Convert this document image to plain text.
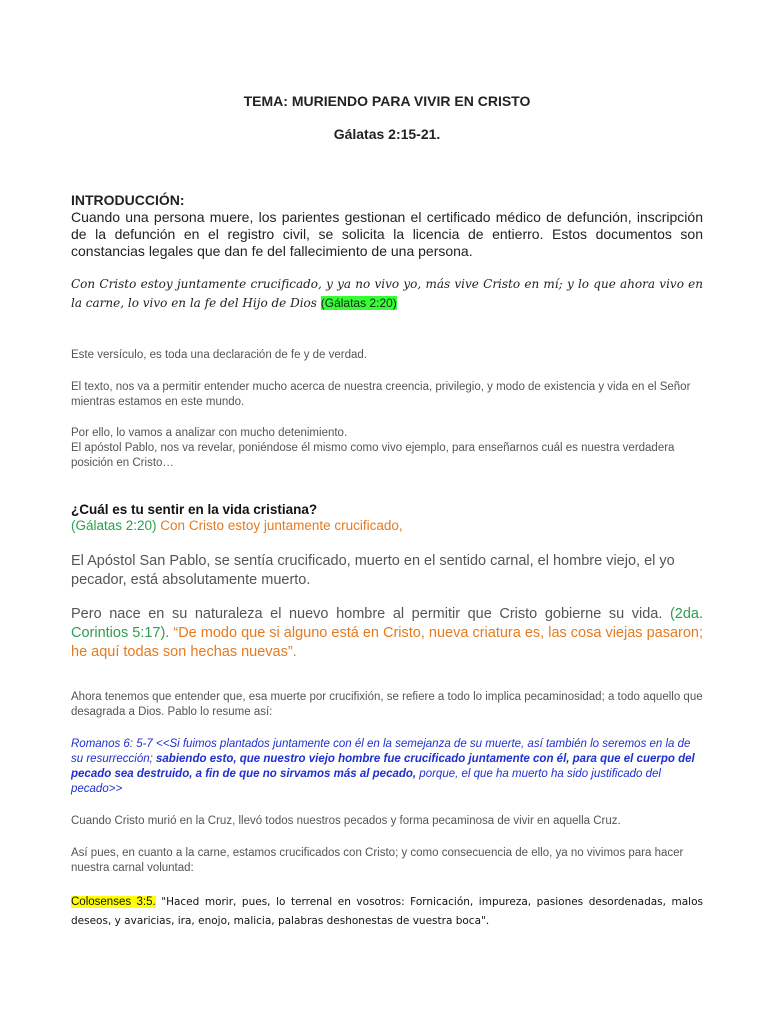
TEMA: MURIENDO PARA VIVIR EN CRISTO
Gálatas 2:15-21.
INTRODUCCIÓN:
Cuando una persona muere, los parientes gestionan el certificado médico de defunción, inscripción de la defunción en el registro civil, se solicita la licencia de entierro. Estos documentos son constancias legales que dan fe del fallecimiento de una persona.
Con Cristo estoy juntamente crucificado, y ya no vivo yo, más vive Cristo en mí; y lo que ahora vivo en la carne, lo vivo en la fe del Hijo de Dios (Gálatas 2:20)
Este versículo, es toda una declaración de fe y de verdad.
El texto, nos va a permitir entender mucho acerca de nuestra creencia, privilegio, y modo de existencia y vida en el Señor mientras estamos en este mundo.
Por ello, lo vamos a analizar con mucho detenimiento.
El apóstol Pablo, nos va revelar, poniéndose él mismo como vivo ejemplo, para enseñarnos cuál es nuestra verdadera posición en Cristo…
¿Cuál es tu sentir en la vida cristiana?
(Gálatas 2:20) Con Cristo estoy juntamente crucificado,
El Apóstol San Pablo, se sentía crucificado, muerto en el sentido carnal, el hombre viejo, el yo pecador, está absolutamente muerto.
Pero nace en su naturaleza el nuevo hombre al permitir que Cristo gobierne su vida. (2da. Corintios 5:17). “De modo que si alguno está en Cristo, nueva criatura es, las cosa viejas pasaron; he aquí todas son hechas nuevas”.
Ahora tenemos que entender que, esa muerte por crucifixión, se refiere a todo lo implica pecaminosidad; a todo aquello que desagrada a Dios. Pablo lo resume así:
Romanos 6: 5-7 <<Si fuimos plantados juntamente con él en la semejanza de su muerte, así también lo seremos en la de su resurrección; sabiendo esto, que nuestro viejo hombre fue crucificado juntamente con él, para que el cuerpo del pecado sea destruido, a fin de que no sirvamos más al pecado, porque, el que ha muerto ha sido justificado del pecado>>
Cuando Cristo murió en la Cruz, llevó todos nuestros pecados y forma pecaminosa de vivir en aquella Cruz.
Así pues, en cuanto a la carne, estamos crucificados con Cristo; y como consecuencia de ello, ya no vivimos para hacer nuestra carnal voluntad:
Colosenses 3:5. "Haced morir, pues, lo terrenal en vosotros: Fornicación, impureza, pasiones desordenadas, malos deseos, y avaricias, ira, enojo, malicia, palabras deshonestas de vuestra boca".
